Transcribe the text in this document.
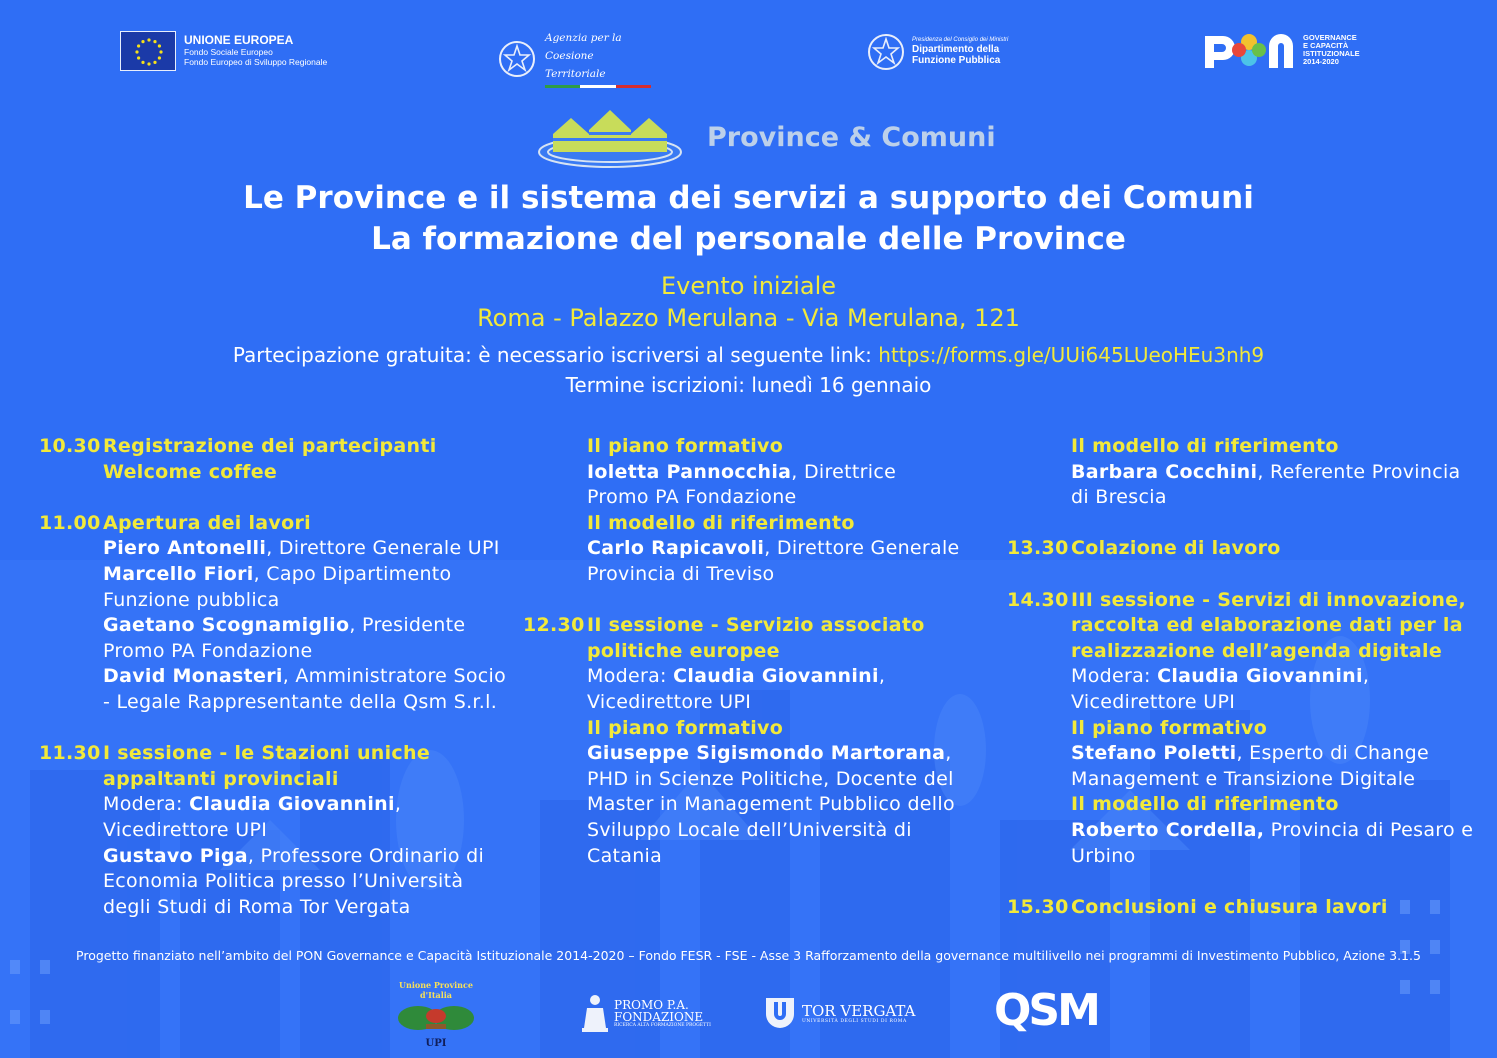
UNIONE EUROPEA
Fondo Sociale Europeo
Fondo Europeo di Sviluppo Regionale
Agenzia per la
Coesione Territoriale
Presidenza del Consiglio dei Ministri
Dipartimento della
Funzione Pubblica
GOVERNANCE
E CAPACITÀ
ISTITUZIONALE
2014-2020
Province & Comuni
Le Province e il sistema dei servizi a supporto dei Comuni
La formazione del personale delle Province
Evento iniziale
Roma - Palazzo Merulana - Via Merulana, 121
Partecipazione gratuita: è necessario iscriversi al seguente link: https://forms.gle/UUi645LUeoHEu3nh9
Termine iscrizioni: lunedì 16 gennaio
10.30 Registrazione dei partecipanti
Welcome coffee
11.00 Apertura dei lavori
Piero Antonelli, Direttore Generale UPI
Marcello Fiori, Capo Dipartimento
Funzione pubblica
Gaetano Scognamiglio, Presidente
Promo PA Fondazione
David Monasteri, Amministratore Socio
- Legale Rappresentante della Qsm S.r.l.
11.30 I sessione - le Stazioni uniche
appaltanti provinciali
Modera: Claudia Giovannini,
Vicedirettore UPI
Gustavo Piga, Professore Ordinario di
Economia Politica presso l’Università
degli Studi di Roma Tor Vergata
Il piano formativo
Ioletta Pannocchia, Direttrice
Promo PA Fondazione
Il modello di riferimento
Carlo Rapicavoli, Direttore Generale
Provincia di Treviso
12.30 II sessione - Servizio associato
politiche europee
Modera: Claudia Giovannini,
Vicedirettore UPI
Il piano formativo
Giuseppe Sigismondo Martorana,
PHD in Scienze Politiche, Docente del
Master in Management Pubblico dello
Sviluppo Locale dell’Università di
Catania
Il modello di riferimento
Barbara Cocchini, Referente Provincia
di Brescia
13.30 Colazione di lavoro
14.30 III sessione - Servizi di innovazione,
raccolta ed elaborazione dati per la
realizzazione dell’agenda digitale
Modera: Claudia Giovannini,
Vicedirettore UPI
Il piano formativo
Stefano Poletti, Esperto di Change
Management e Transizione Digitale
Il modello di riferimento
Roberto Cordella, Provincia di Pesaro e
Urbino
15.30 Conclusioni e chiusura lavori
Progetto finanziato nell’ambito del PON Governance e Capacità Istituzionale 2014-2020 – Fondo FESR - FSE - Asse 3 Rafforzamento della governance multilivello nei programmi di Investimento Pubblico, Azione 3.1.5
Unione Province d'Italia
UPI
PROMO P.A.
FONDAZIONE
RICERCA ALTA FORMAZIONE PROGETTI
TOR VERGATA
UNIVERSITÀ DEGLI STUDI DI ROMA QSM
